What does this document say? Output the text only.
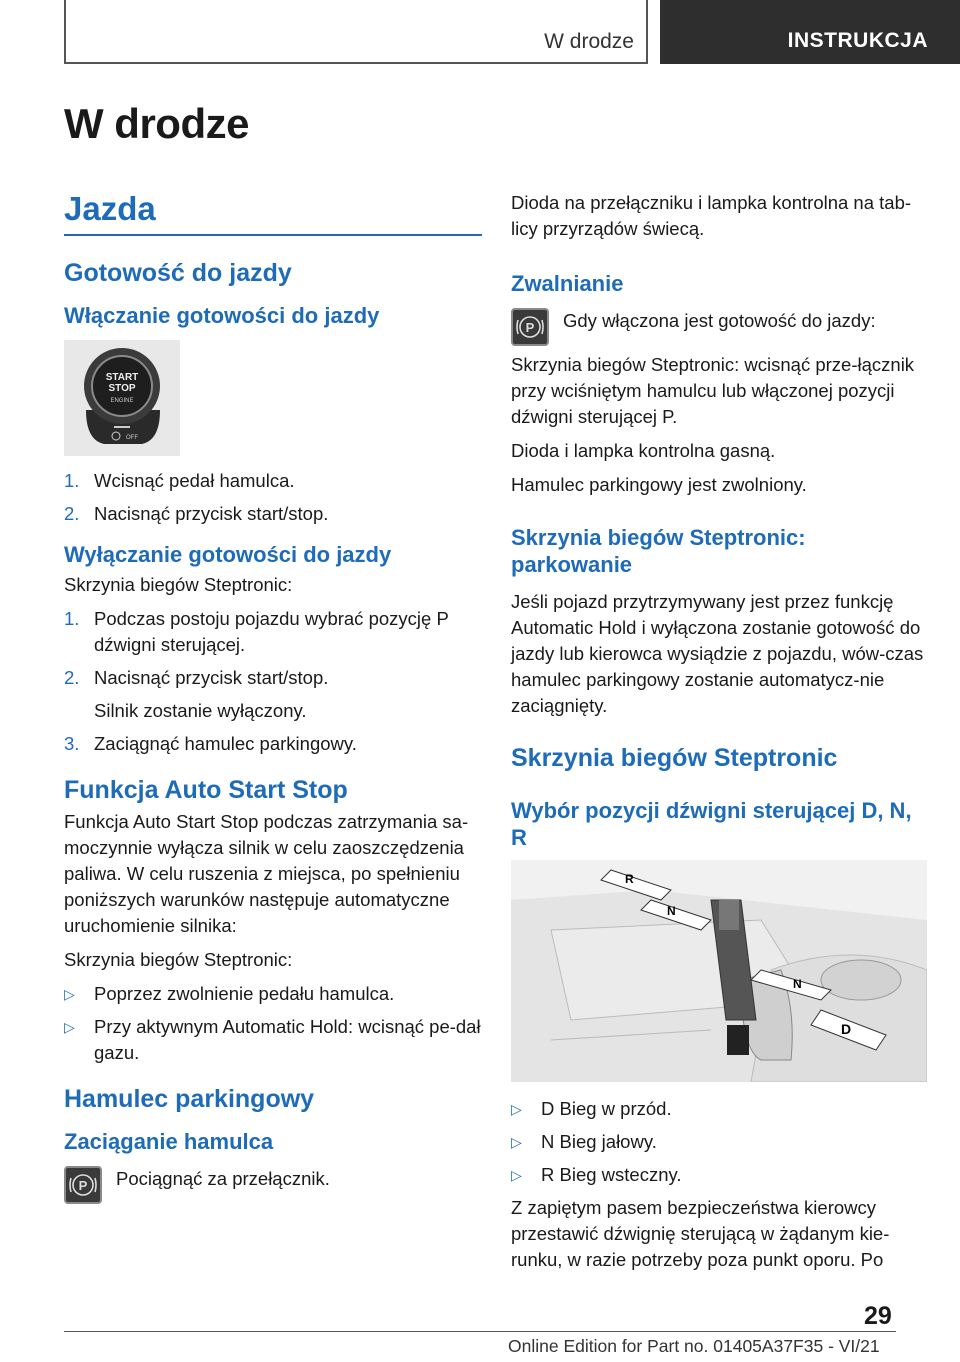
W drodze	INSTRUKCJA
W drodze
Jazda
Gotowość do jazdy
Włączanie gotowości do jazdy
START
STOP
ENGINE
OFF
1. Wcisnąć pedał hamulca.
2. Nacisnąć przycisk start/stop.
Wyłączanie gotowości do jazdy

Skrzynia biegów Steptronic:

1. Podczas postoju pojazdu wybrać pozycję P dźwigni sterującej.
2. Nacisnąć przycisk start/stop.
Silnik zostanie wyłączony.
3. Zaciągnąć hamulec parkingowy.
Funkcja Auto Start Stop

Funkcja Auto Start Stop podczas zatrzymania sa-moczynnie wyłącza silnik w celu zaoszczędzenia paliwa. W celu ruszenia z miejsca, po spełnieniu poniższych warunków następuje automatyczne uruchomienie silnika:

Skrzynia biegów Steptronic:

▷	Poprzez zwolnienie pedału hamulca.
▷	Przy aktywnym Automatic Hold: wcisnąć pe-dał gazu.
Hamulec parkingowy
Zaciąganie hamulca
P Pociągnąć za przełącznik.

Dioda na przełączniku i lampka kontrolna na tab-licy przyrządów świecą.

Zwalnianie
P Gdy włączona jest gotowość do jazdy:

Skrzynia biegów Steptronic: wcisnąć prze-łącznik przy wciśniętym hamulcu lub włączonej pozycji dźwigni sterującej P.

Dioda i lampka kontrolna gasną.

Hamulec parkingowy jest zwolniony.

Skrzynia biegów Steptronic: parkowanie

Jeśli pojazd przytrzymywany jest przez funkcję Automatic Hold i wyłączona zostanie gotowość do jazdy lub kierowca wysiądzie z pojazdu, wów-czas hamulec parkingowy zostanie automatycz-nie zaciągnięty.

Skrzynia biegów Steptronic
Wybór pozycji dźwigni sterującej D, N, R
R
N
N
D
▷	D Bieg w przód.
▷	N Bieg jałowy.
▷	R Bieg wsteczny.

Z zapiętym pasem bezpieczeństwa kierowcy przestawić dźwignię sterującą w żądanym kie-runku, w razie potrzeby poza punkt oporu. Po

29
Online Edition for Part no. 01405A37F35 - VI/21
